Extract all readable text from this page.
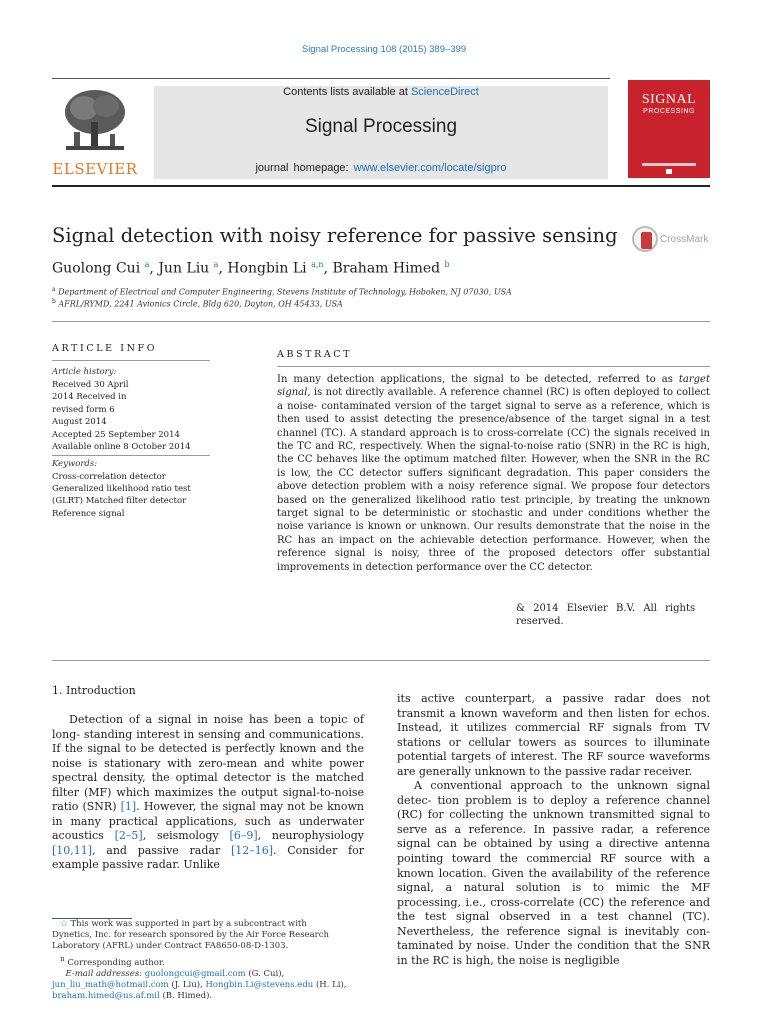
Signal Processing 108 (2015) 389–399
ELSEVIER
Contents lists available at ScienceDirect
Signal Processing
journal homepage: www.elsevier.com/locate/sigpro
SIGNAL
PROCESSING
Signal detection with noisy reference for passive sensing	CrossMark
Guolong Cui $^a$, Jun Liu $^a$, Hongbin Li $^{a,n}$, Braham Himed $^b$
$^a$ Department of Electrical and Computer Engineering, Stevens Institute of Technology, Hoboken, NJ 07030, USA
$^b$ AFRL/RYMD, 2241 Avionics Circle, Bldg 620, Dayton, OH 45433, USA
ARTICLE INFO
Article history:
Received 30 April
2014 Received in
revised form 6
August 2014
Accepted 25 September 2014
Available online 8 October 2014
Keywords:
Cross-correlation detector
Generalized likelihood ratio test
(GLRT) Matched filter detector
Reference signal
ABSTRACT
In many detection applications, the signal to be detected, referred to as target signal, is not directly available. A reference channel (RC) is often deployed to collect a noise- contaminated version of the target signal to serve as a reference, which is then used to assist detecting the presence/absence of the target signal in a test channel (TC). A standard approach is to cross-correlate (CC) the signals received in the TC and RC, respectively. When the signal-to-noise ratio (SNR) in the RC is high, the CC behaves like the optimum matched filter. However, when the SNR in the RC is low, the CC detector suffers significant degradation. This paper considers the above detection problem with a noisy reference signal. We propose four detectors based on the generalized likelihood ratio test principle, by treating the unknown target signal to be deterministic or stochastic and under conditions whether the noise variance is known or unknown. Our results demonstrate that the noise in the RC has an impact on the achievable detection performance. However, when the reference signal is noisy, three of the proposed detectors offer substantial improvements in detection performance over the CC detector.
& 2014 Elsevier B.V. All rights reserved.
1. Introduction

Detection of a signal in noise has been a topic of long- standing interest in sensing and communications. If the signal to be detected is perfectly known and the noise is stationary with zero-mean and white power spectral density, the optimal detector is the matched filter (MF) which maximizes the output signal-to-noise ratio (SNR) [1]. However, the signal may not be known in many practical applications, such as underwater acoustics [2–5], seismology [6–9], neurophysiology [10,11], and passive radar [12–16]. Consider for example passive radar. Unlike

its active counterpart, a passive radar does not transmit a known waveform and then listen for echos. Instead, it utilizes commercial RF signals from TV stations or cellular towers as sources to illuminate potential targets of interest. The RF source waveforms are generally unknown to the passive radar receiver.

A conventional approach to the unknown signal detec- tion problem is to deploy a reference channel (RC) for collecting the unknown transmitted signal to serve as a reference. In passive radar, a reference signal can be obtained by using a directive antenna pointing toward the commercial RF source with a known location. Given the availability of the reference signal, a natural solution is to mimic the MF processing, i.e., cross-correlate (CC) the reference and the test signal observed in a test channel (TC). Nevertheless, the reference signal is inevitably con- taminated by noise. Under the condition that the SNR in the RC is high, the noise is negligible

☆ This work was supported in part by a subcontract with
Dynetics, Inc. for research sponsored by the Air Force Research
Laboratory (AFRL) under Contract FA8650-08-D-1303.
$^n$ Corresponding author.
E-mail addresses: guolongcui@gmail.com (G. Cui),
jun_liu_math@hotmail.com (J. Liu), Hongbin.Li@stevens.edu (H. Li),
braham.himed@us.af.mil (B. Himed).
